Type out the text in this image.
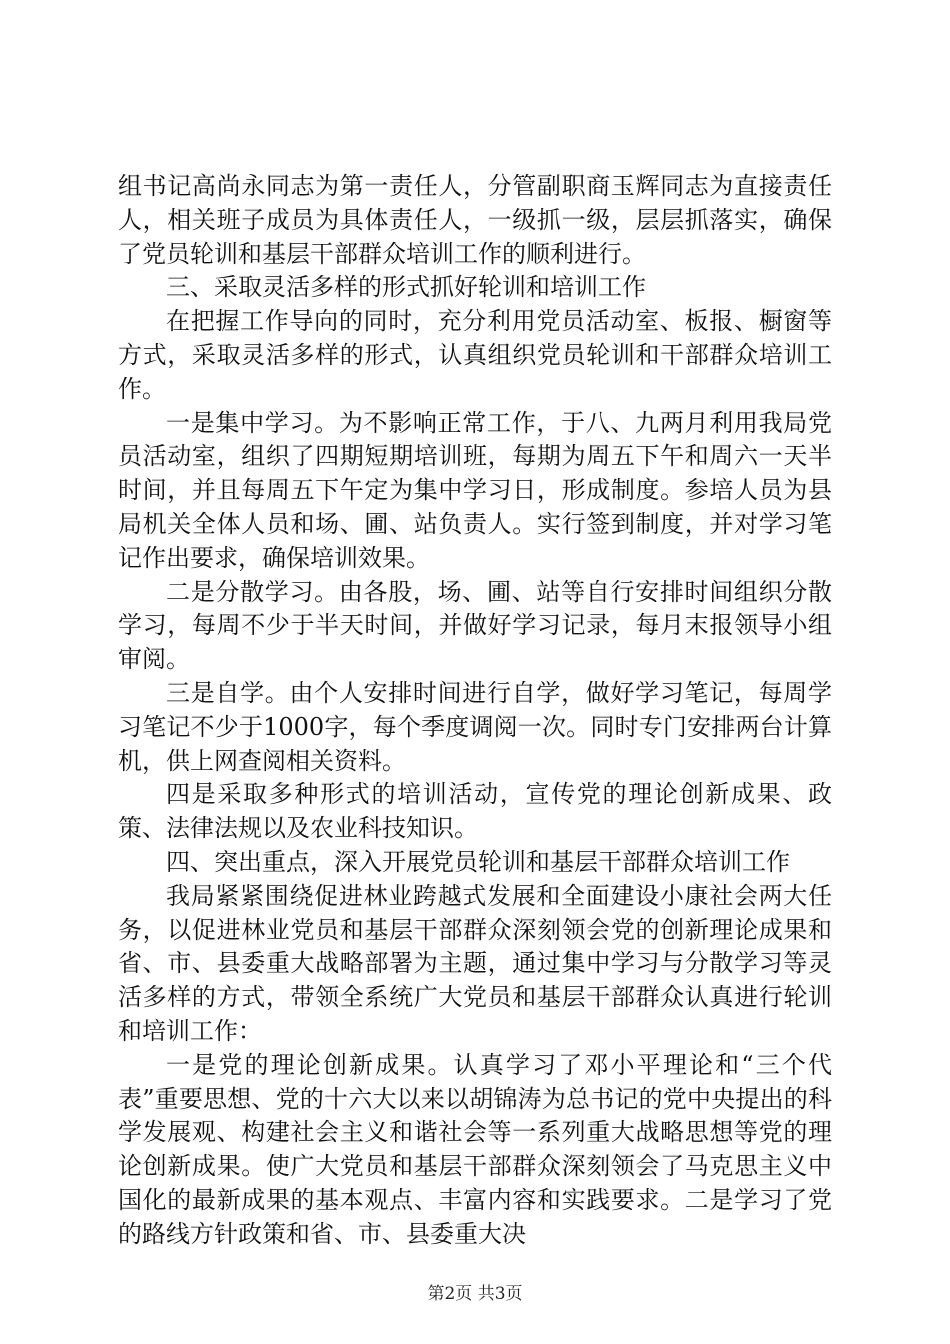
组书记高尚永同志为第一责任人，分管副职商玉辉同志为直接责任人，相关班子成员为具体责任人，一级抓一级，层层抓落实，确保了党员轮训和基层干部群众培训工作的顺利进行。

三、采取灵活多样的形式抓好轮训和培训工作

在把握工作导向的同时，充分利用党员活动室、板报、橱窗等方式，采取灵活多样的形式，认真组织党员轮训和干部群众培训工作。

一是集中学习。为不影响正常工作，于八、九两月利用我局党员活动室，组织了四期短期培训班，每期为周五下午和周六一天半时间，并且每周五下午定为集中学习日，形成制度。参培人员为县局机关全体人员和场、圃、站负责人。实行签到制度，并对学习笔记作出要求，确保培训效果。

二是分散学习。由各股，场、圃、站等自行安排时间组织分散学习，每周不少于半天时间，并做好学习记录，每月末报领导小组审阅。

三是自学。由个人安排时间进行自学，做好学习笔记，每周学习笔记不少于1000字，每个季度调阅一次。同时专门安排两台计算机，供上网查阅相关资料。

四是采取多种形式的培训活动，宣传党的理论创新成果、政策、法律法规以及农业科技知识。

四、突出重点，深入开展党员轮训和基层干部群众培训工作

我局紧紧围绕促进林业跨越式发展和全面建设小康社会两大任务，以促进林业党员和基层干部群众深刻领会党的创新理论成果和省、市、县委重大战略部署为主题，通过集中学习与分散学习等灵活多样的方式，带领全系统广大党员和基层干部群众认真进行轮训和培训工作：

一是党的理论创新成果。认真学习了邓小平理论和“三个代表”重要思想、党的十六大以来以胡锦涛为总书记的党中央提出的科学发展观、构建社会主义和谐社会等一系列重大战略思想等党的理论创新成果。使广大党员和基层干部群众深刻领会了马克思主义中国化的最新成果的基本观点、丰富内容和实践要求。二是学习了党的路线方针政策和省、市、县委重大决

第2页 共3页
